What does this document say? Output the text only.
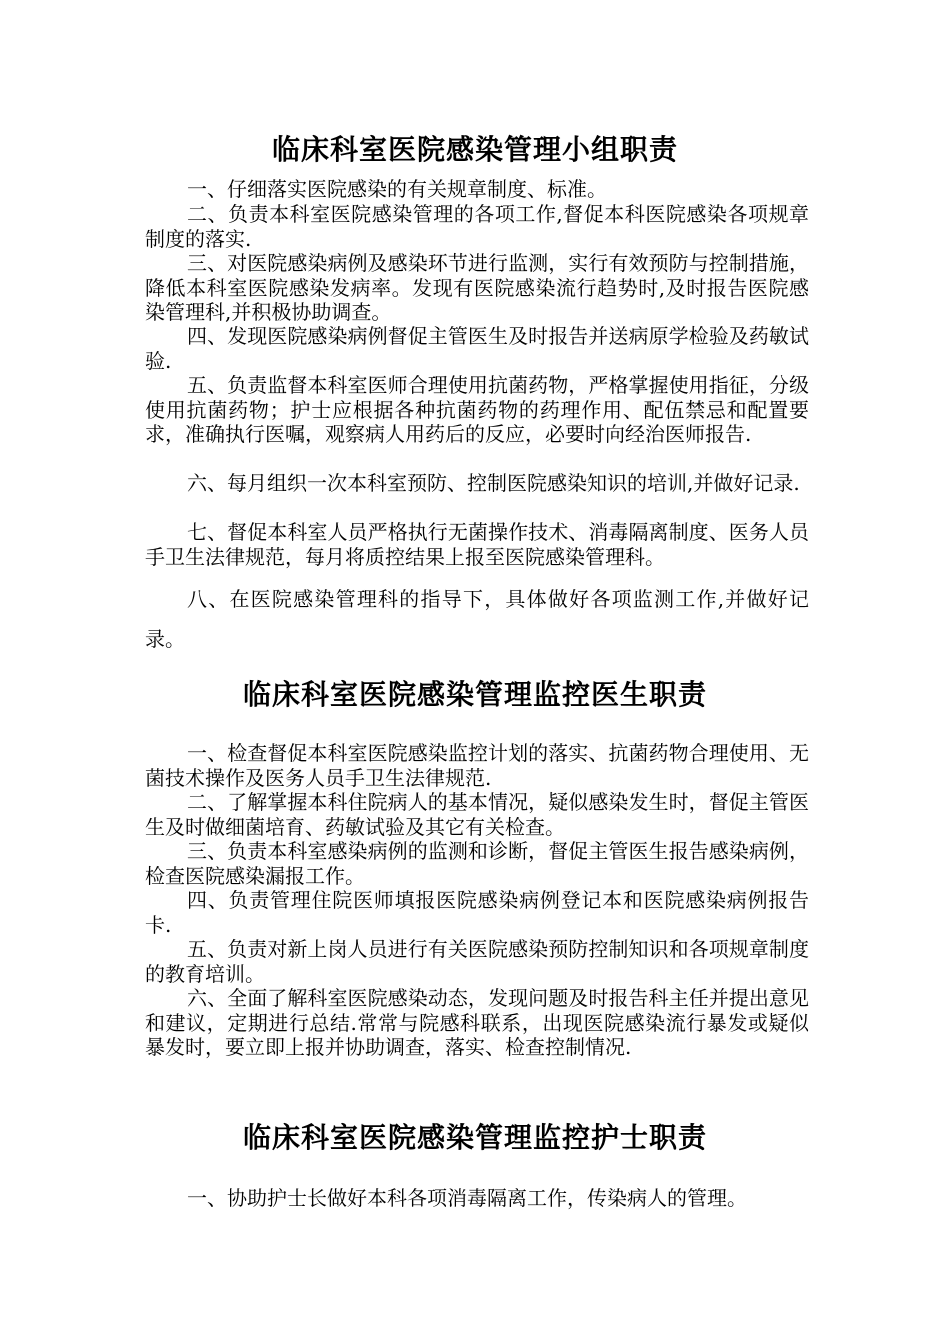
临床科室医院感染管理小组职责

一、仔细落实医院感染的有关规章制度、标准。

二、负责本科室医院感染管理的各项工作,督促本科医院感染各项规章制度的落实.

三、对医院感染病例及感染环节进行监测，实行有效预防与控制措施，降低本科室医院感染发病率。发现有医院感染流行趋势时,及时报告医院感染管理科,并积极协助调查。

四、发现医院感染病例督促主管医生及时报告并送病原学检验及药敏试验.

五、负责监督本科室医师合理使用抗菌药物，严格掌握使用指征，分级使用抗菌药物；护士应根据各种抗菌药物的药理作用、配伍禁忌和配置要求，准确执行医嘱，观察病人用药后的反应，必要时向经治医师报告.

六、每月组织一次本科室预防、控制医院感染知识的培训,并做好记录.

七、督促本科室人员严格执行无菌操作技术、消毒隔离制度、医务人员手卫生法律规范，每月将质控结果上报至医院感染管理科。

八、在医院感染管理科的指导下，具体做好各项监测工作,并做好记录。

临床科室医院感染管理监控医生职责

一、检查督促本科室医院感染监控计划的落实、抗菌药物合理使用、无菌技术操作及医务人员手卫生法律规范.

二、了解掌握本科住院病人的基本情况，疑似感染发生时，督促主管医生及时做细菌培育、药敏试验及其它有关检查。

三、负责本科室感染病例的监测和诊断，督促主管医生报告感染病例，检查医院感染漏报工作。

四、负责管理住院医师填报医院感染病例登记本和医院感染病例报告卡.

五、负责对新上岗人员进行有关医院感染预防控制知识和各项规章制度的教育培训。

六、全面了解科室医院感染动态，发现问题及时报告科主任并提出意见和建议，定期进行总结.常常与院感科联系，出现医院感染流行暴发或疑似暴发时，要立即上报并协助调查，落实、检查控制情况.

临床科室医院感染管理监控护士职责

一、协助护士长做好本科各项消毒隔离工作，传染病人的管理。
